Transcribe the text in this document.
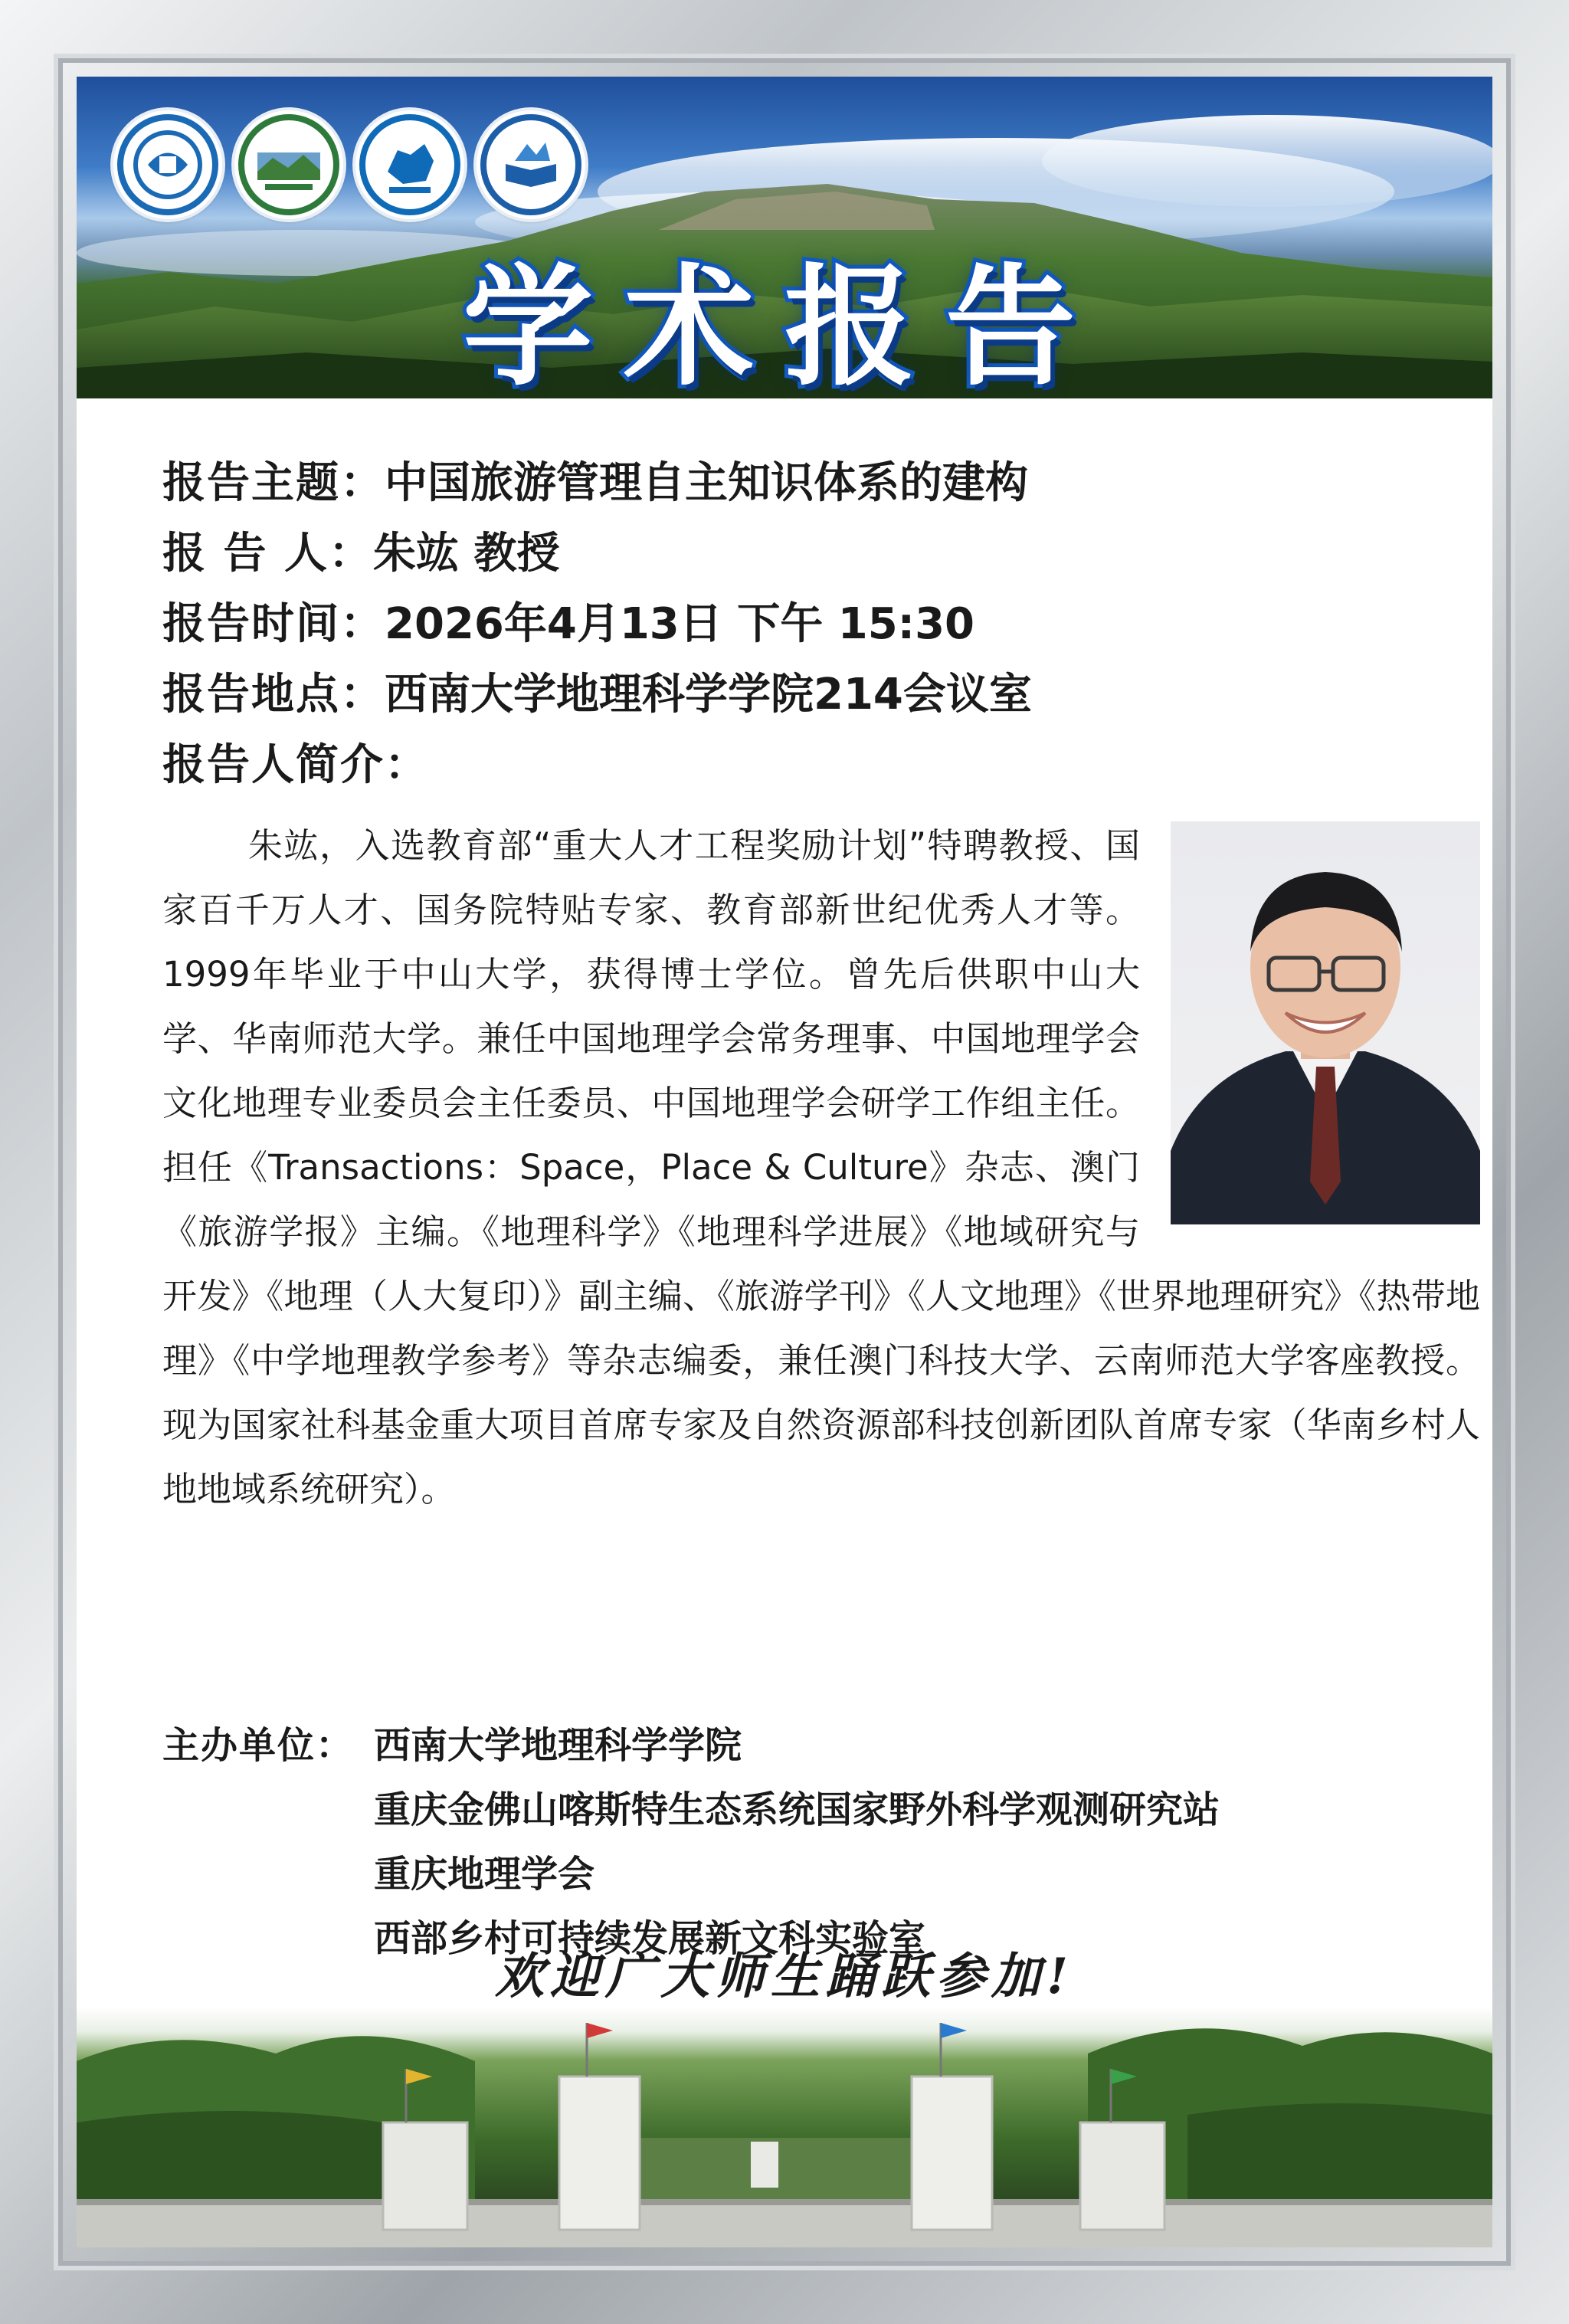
学术报告
报告主题： 中国旅游管理自主知识体系的建构
报 告 人： 朱竑 教授
报告时间： 2026年4月13日 下午 15:30
报告地点： 西南大学地理科学学院214会议室
报告人简介：
朱竑，入选教育部“重大人才工程奖励计划”特聘教授、国家百千万人才、国务院特贴专家、教育部新世纪优秀人才等。1999年毕业于中山大学，获得博士学位。曾先后供职中山大学、华南师范大学。兼任中国地理学会常务理事、中国地理学会文化地理专业委员会主任委员、中国地理学会研学工作组主任。担任《Transactions：Space，Place & Culture》杂志、澳门《旅游学报》主编。《地理科学》《地理科学进展》《地域研究与开发》《地理（人大复印）》副主编、《旅游学刊》《人文地理》《世界地理研究》《热带地理》《中学地理教学参考》等杂志编委，兼任澳门科技大学、云南师范大学客座教授。现为国家社科基金重大项目首席专家及自然资源部科技创新团队首席专家（华南乡村人地地域系统研究）。
主办单位： 西南大学地理科学学院
重庆金佛山喀斯特生态系统国家野外科学观测研究站
重庆地理学会
西部乡村可持续发展新文科实验室
欢迎广大师生踊跃参加!
